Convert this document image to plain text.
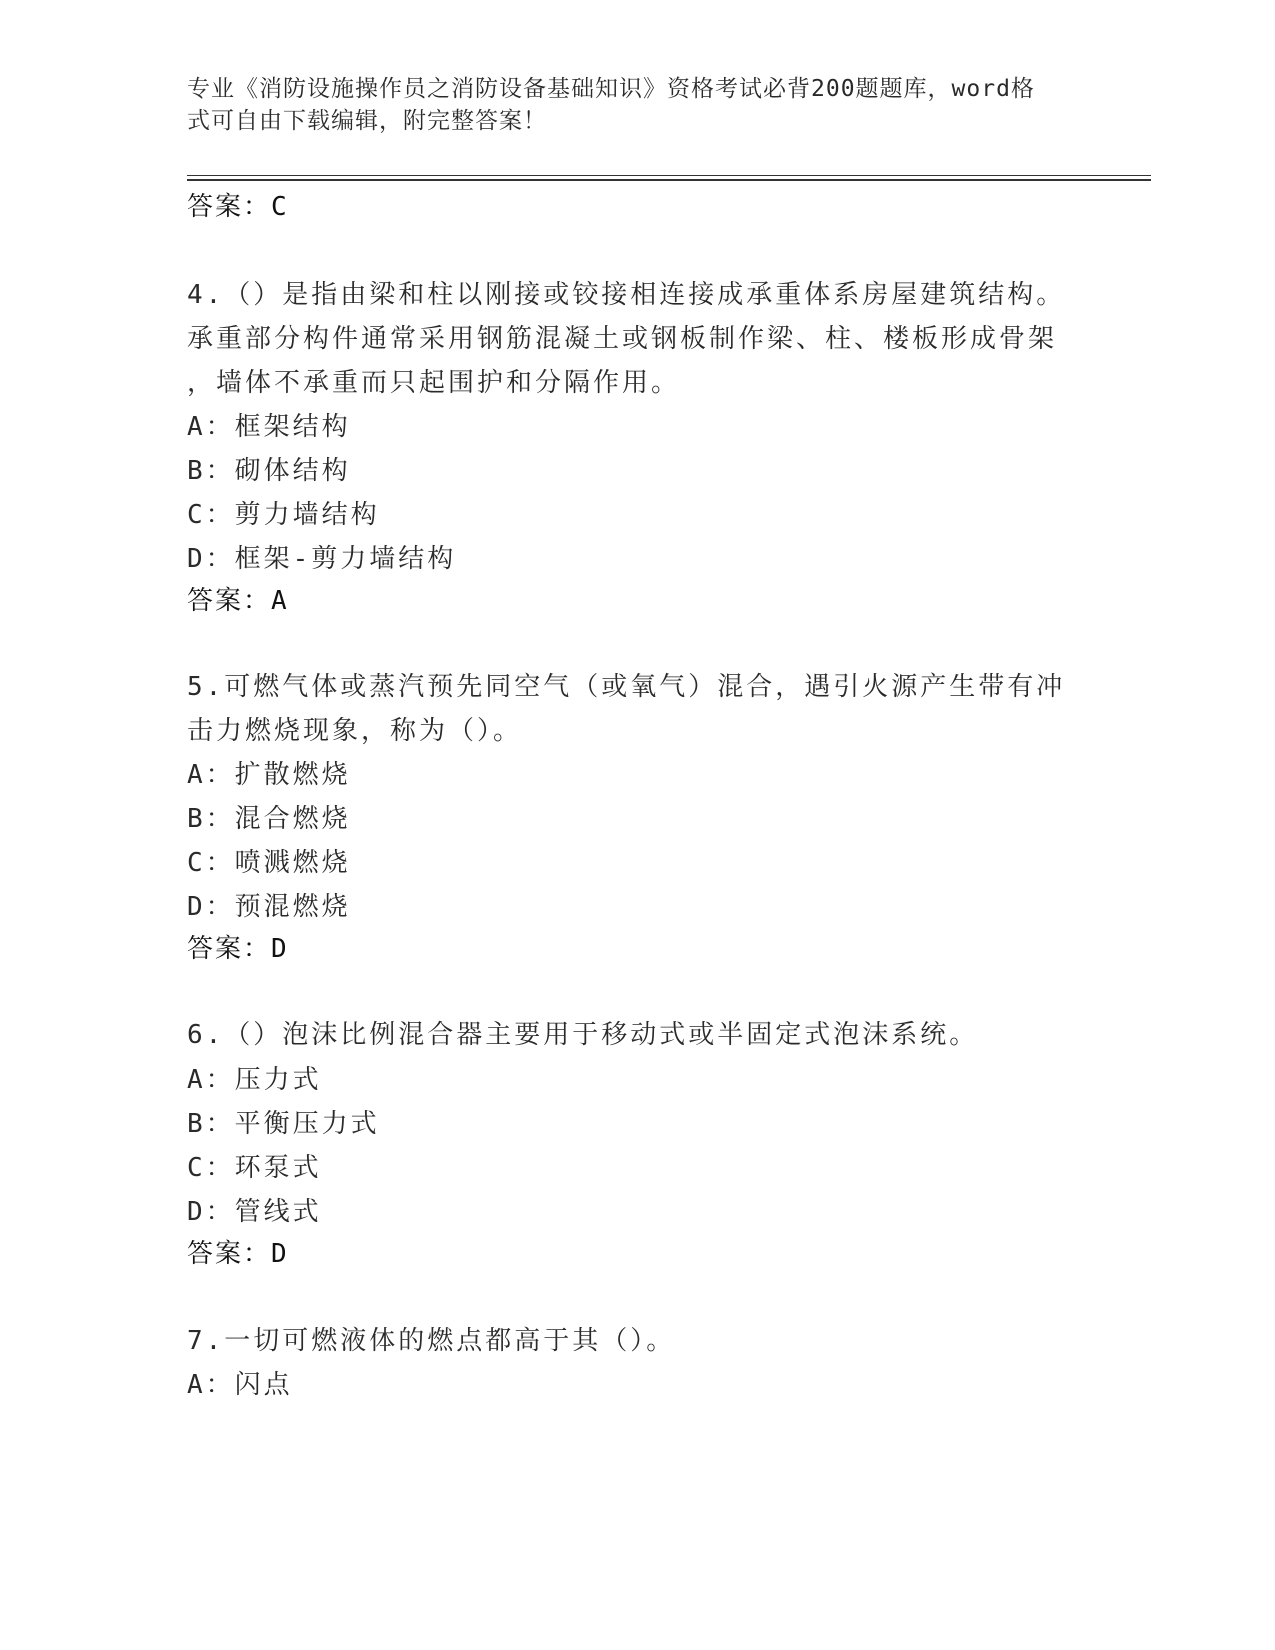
专业《消防设施操作员之消防设备基础知识》资格考试必背200题题库，word格
式可自由下载编辑，附完整答案！
答案：C
4.（）是指由梁和柱以刚接或铰接相连接成承重体系房屋建筑结构。
承重部分构件通常采用钢筋混凝土或钢板制作梁、柱、楼板形成骨架
，墙体不承重而只起围护和分隔作用。
A：框架结构
B：砌体结构
C：剪力墙结构
D：框架-剪力墙结构
答案：A
5.可燃气体或蒸汽预先同空气（或氧气）混合，遇引火源产生带有冲
击力燃烧现象，称为（）。
A：扩散燃烧
B：混合燃烧
C：喷溅燃烧
D：预混燃烧
答案：D
6.（）泡沫比例混合器主要用于移动式或半固定式泡沫系统。
A：压力式
B：平衡压力式
C：环泵式
D：管线式
答案：D
7.一切可燃液体的燃点都高于其（）。
A：闪点
